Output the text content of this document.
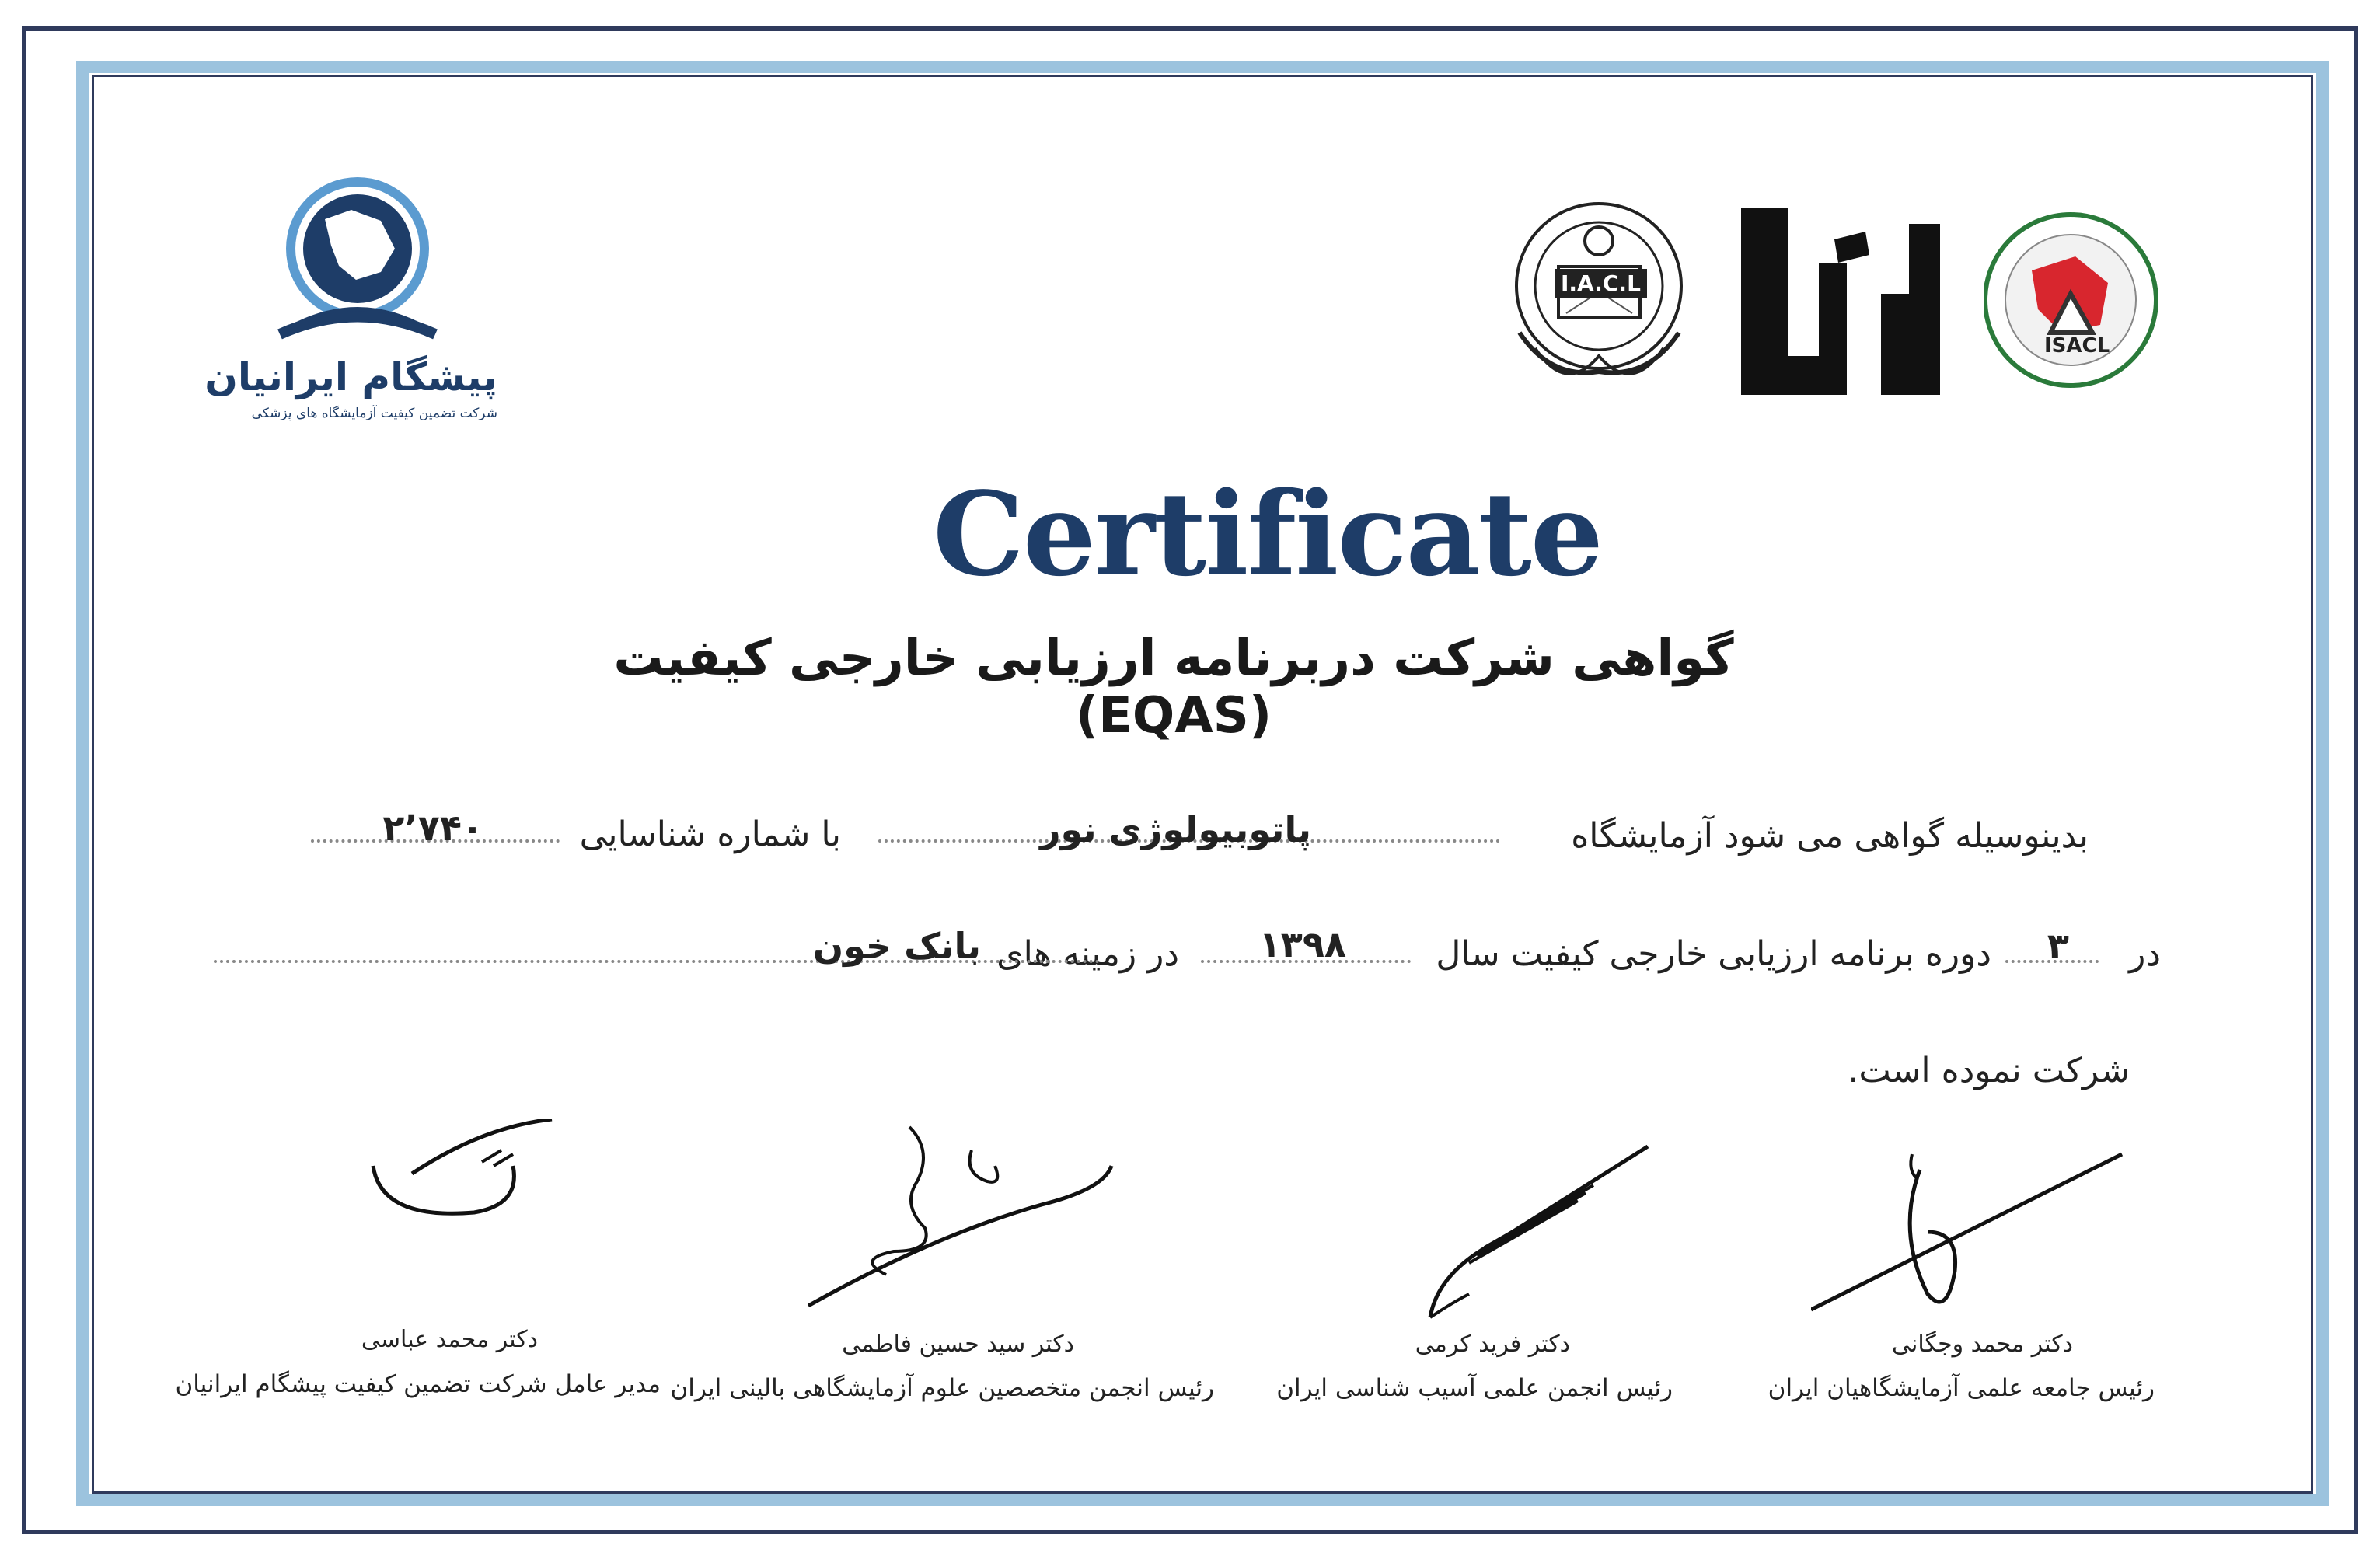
پیشگام ایرانیان
شرکت تضمین کیفیت آزمایشگاه های پزشکی
I.A.C.L
ISACL
Certificate
گواهی شرکت دربرنامه ارزیابی خارجی کیفیت (EQAS)
بدینوسیله گواهی می شود آزمایشگاه
پاتوبیولوژی نور
با شماره شناسایی
۲٬۷۴۰
در
۳
دوره برنامه ارزیابی خارجی کیفیت سال
۱۳۹۸
در زمینه های
بانک خون
شرکت نموده است.
دکتر محمد وجگانی
رئیس جامعه علمی آزمایشگاهیان ایران
دکتر فرید کرمی
رئیس انجمن علمی آسیب شناسی ایران
دکتر سید حسین فاطمی
رئیس انجمن متخصصین علوم آزمایشگاهی بالینی ایران
دکتر محمد عباسی
مدیر عامل شرکت تضمین کیفیت پیشگام ایرانیان
